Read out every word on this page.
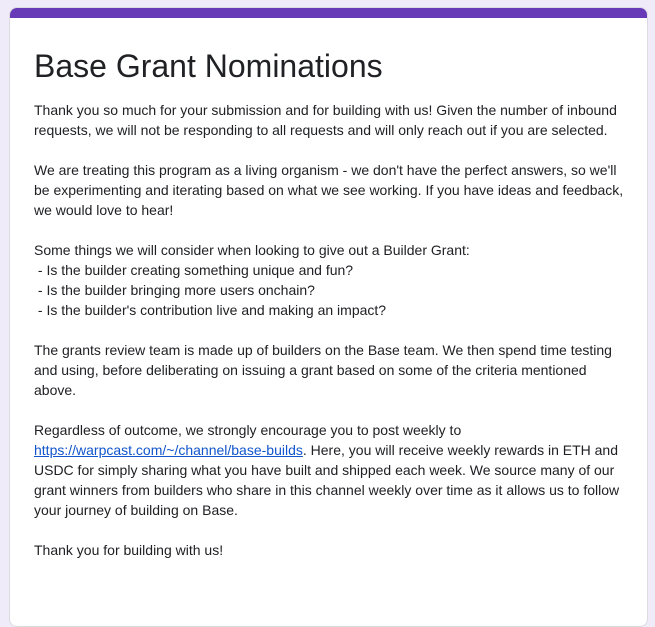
Base Grant Nominations

Thank you so much for your submission and for building with us! Given the number of inbound requests, we will not be responding to all requests and will only reach out if you are selected.

We are treating this program as a living organism - we don't have the perfect answers, so we'll be experimenting and iterating based on what we see working. If you have ideas and feedback, we would love to hear!

Some things we will consider when looking to give out a Builder Grant:
- Is the builder creating something unique and fun?
- Is the builder bringing more users onchain?
- Is the builder's contribution live and making an impact?

The grants review team is made up of builders on the Base team. We then spend time testing and using, before deliberating on issuing a grant based on some of the criteria mentioned above.

Regardless of outcome, we strongly encourage you to post weekly to https://warpcast.com/~/channel/base-builds. Here, you will receive weekly rewards in ETH and USDC for simply sharing what you have built and shipped each week. We source many of our grant winners from builders who share in this channel weekly over time as it allows us to follow your journey of building on Base.

Thank you for building with us!
